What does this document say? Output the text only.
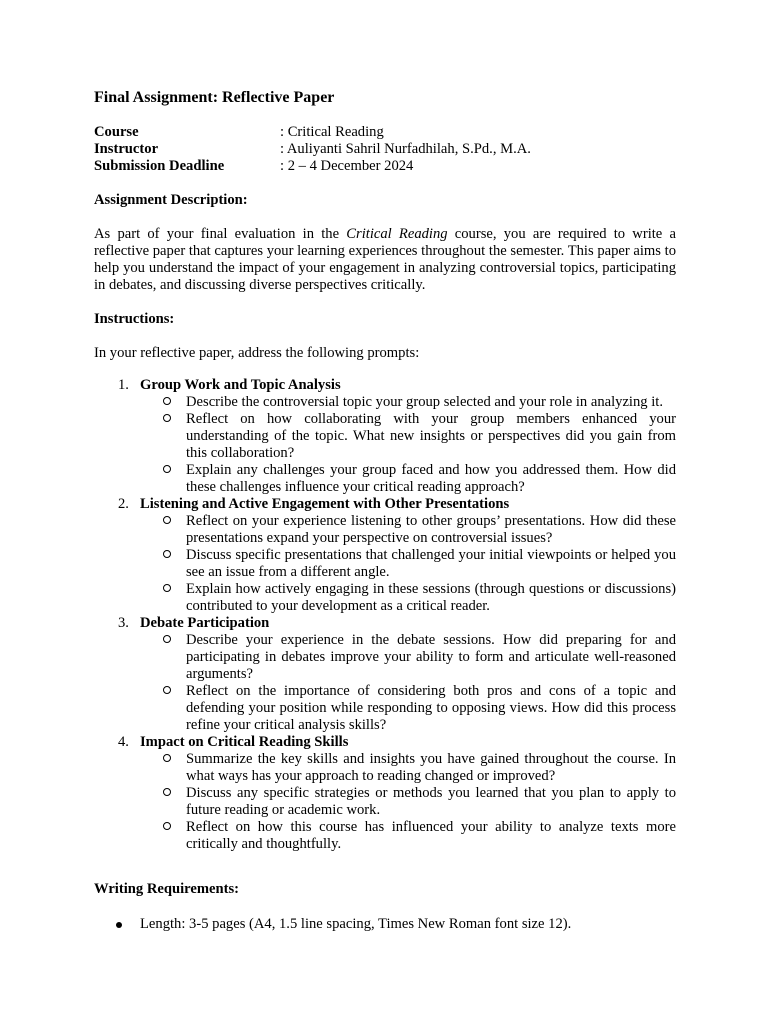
Final Assignment: Reflective Paper
Course	: Critical Reading
Instructor	: Auliyanti Sahril Nurfadhilah, S.Pd., M.A.
Submission Deadline	: 2 – 4 December 2024
Assignment Description:
As part of your final evaluation in the Critical Reading course, you are required to write a reflective paper that captures your learning experiences throughout the semester. This paper aims to help you understand the impact of your engagement in analyzing controversial topics, participating in debates, and discussing diverse perspectives critically.
Instructions:
In your reflective paper, address the following prompts:
1. Group Work and Topic Analysis
Describe the controversial topic your group selected and your role in analyzing it.
Reflect on how collaborating with your group members enhanced your understanding of the topic. What new insights or perspectives did you gain from this collaboration?
Explain any challenges your group faced and how you addressed them. How did these challenges influence your critical reading approach?
2. Listening and Active Engagement with Other Presentations
Reflect on your experience listening to other groups’ presentations. How did these presentations expand your perspective on controversial issues?
Discuss specific presentations that challenged your initial viewpoints or helped you see an issue from a different angle.
Explain how actively engaging in these sessions (through questions or discussions) contributed to your development as a critical reader.
3. Debate Participation
Describe your experience in the debate sessions. How did preparing for and participating in debates improve your ability to form and articulate well-reasoned arguments?
Reflect on the importance of considering both pros and cons of a topic and defending your position while responding to opposing views. How did this process refine your critical analysis skills?
4. Impact on Critical Reading Skills
Summarize the key skills and insights you have gained throughout the course. In what ways has your approach to reading changed or improved?
Discuss any specific strategies or methods you learned that you plan to apply to future reading or academic work.
Reflect on how this course has influenced your ability to analyze texts more critically and thoughtfully.
Writing Requirements:
Length: 3-5 pages (A4, 1.5 line spacing, Times New Roman font size 12).
